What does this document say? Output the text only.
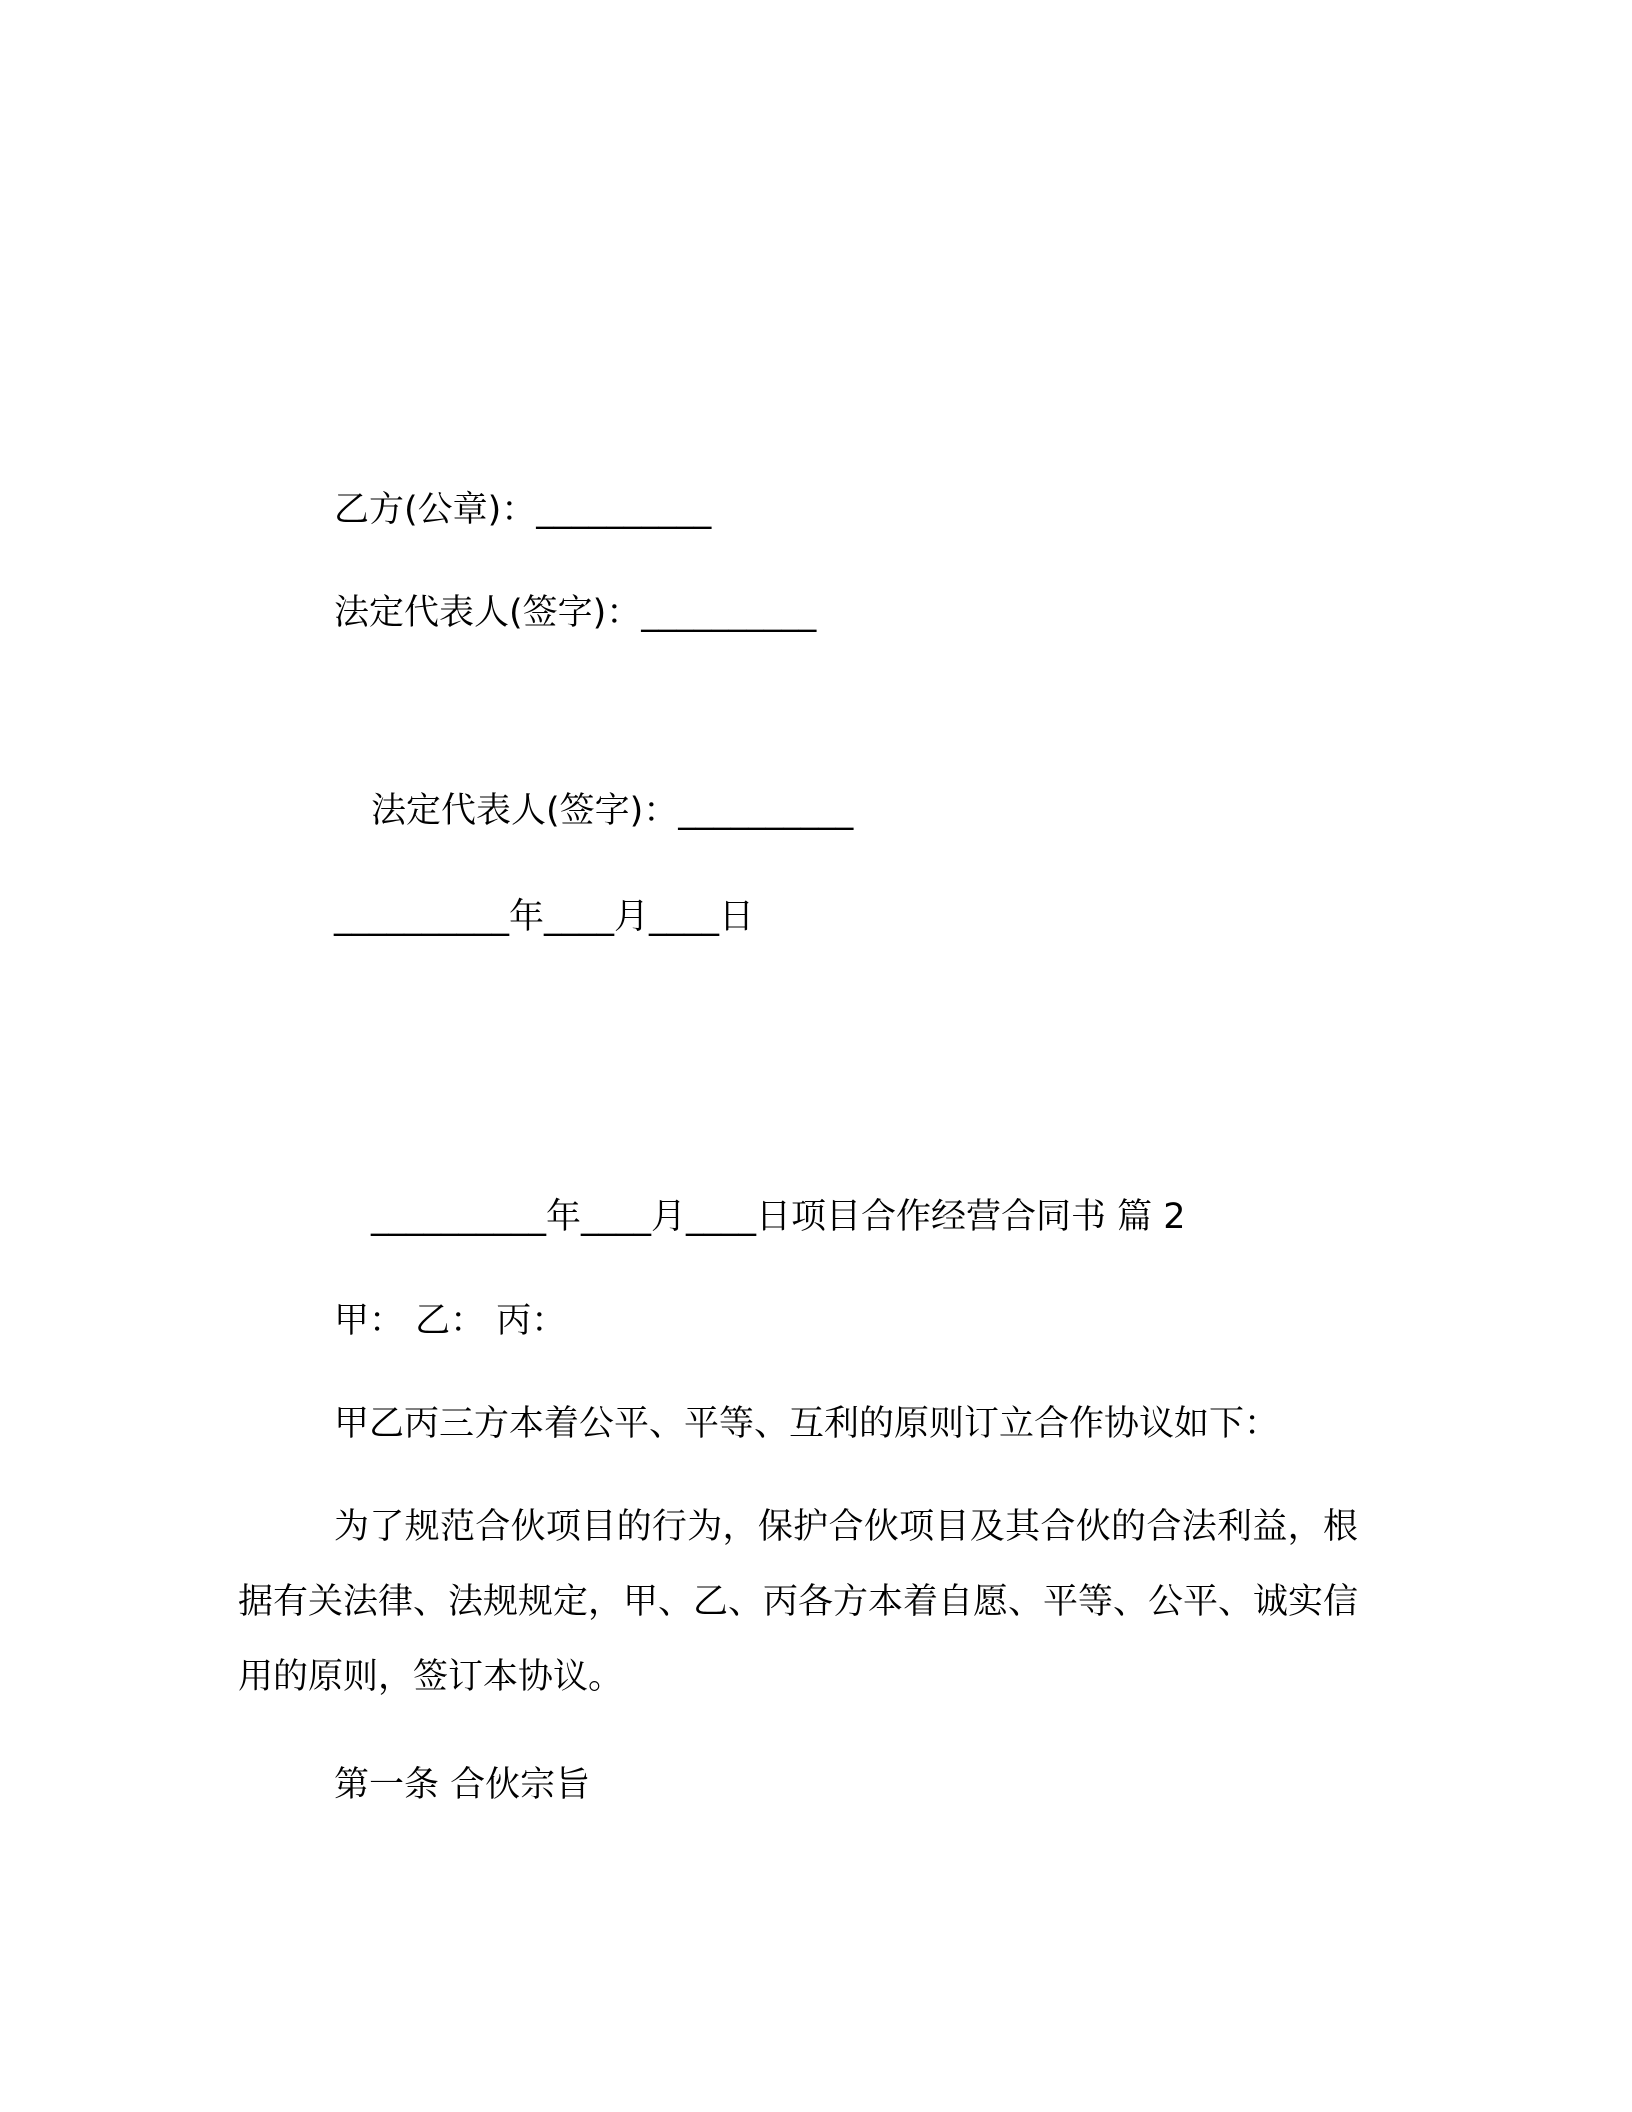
乙方(公章)：__________

法定代表人(签字)：__________

法定代表人(签字)：__________

__________年____月____日

__________年____月____日项目合作经营合同书 篇 2

甲： 乙： 丙：

甲乙丙三方本着公平、平等、互利的原则订立合作协议如下：

为了规范合伙项目的行为，保护合伙项目及其合伙的合法利益，根据有关法律、法规规定，甲、乙、丙各方本着自愿、平等、公平、诚实信用的原则，签订本协议。

第一条 合伙宗旨
